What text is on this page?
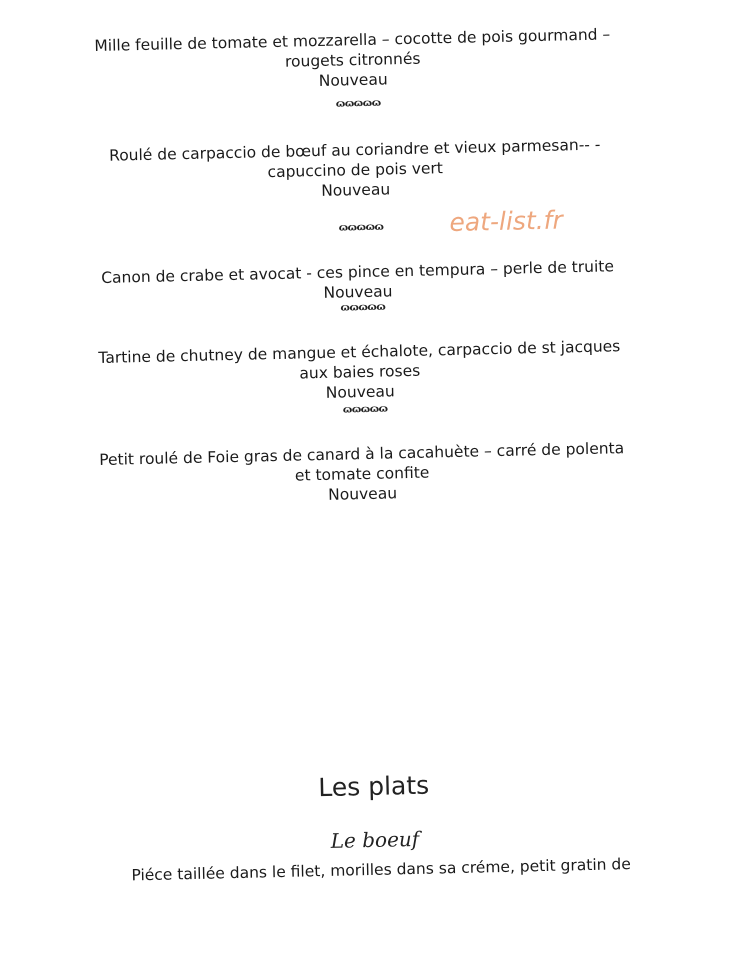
Mille feuille de tomate et mozzarella – cocotte de pois gourmand –
rougets citronnés
Nouveau
ɷɷɷɷɷ
Roulé de carpaccio de bœuf au coriandre et vieux parmesan-- -
capuccino de pois vert
Nouveau
ɷɷɷɷɷ	eat-list.fr
Canon de crabe et avocat - ces pince en tempura – perle de truite
Nouveau
ɷɷɷɷɷ
Tartine de chutney de mangue et échalote, carpaccio de st jacques
aux baies roses
Nouveau
ɷɷɷɷɷ
Petit roulé de Foie gras de canard à la cacahuète – carré de polenta
et tomate confite
Nouveau
Les plats
Le boeuf
Piéce taillée dans le filet, morilles dans sa créme, petit gratin de
